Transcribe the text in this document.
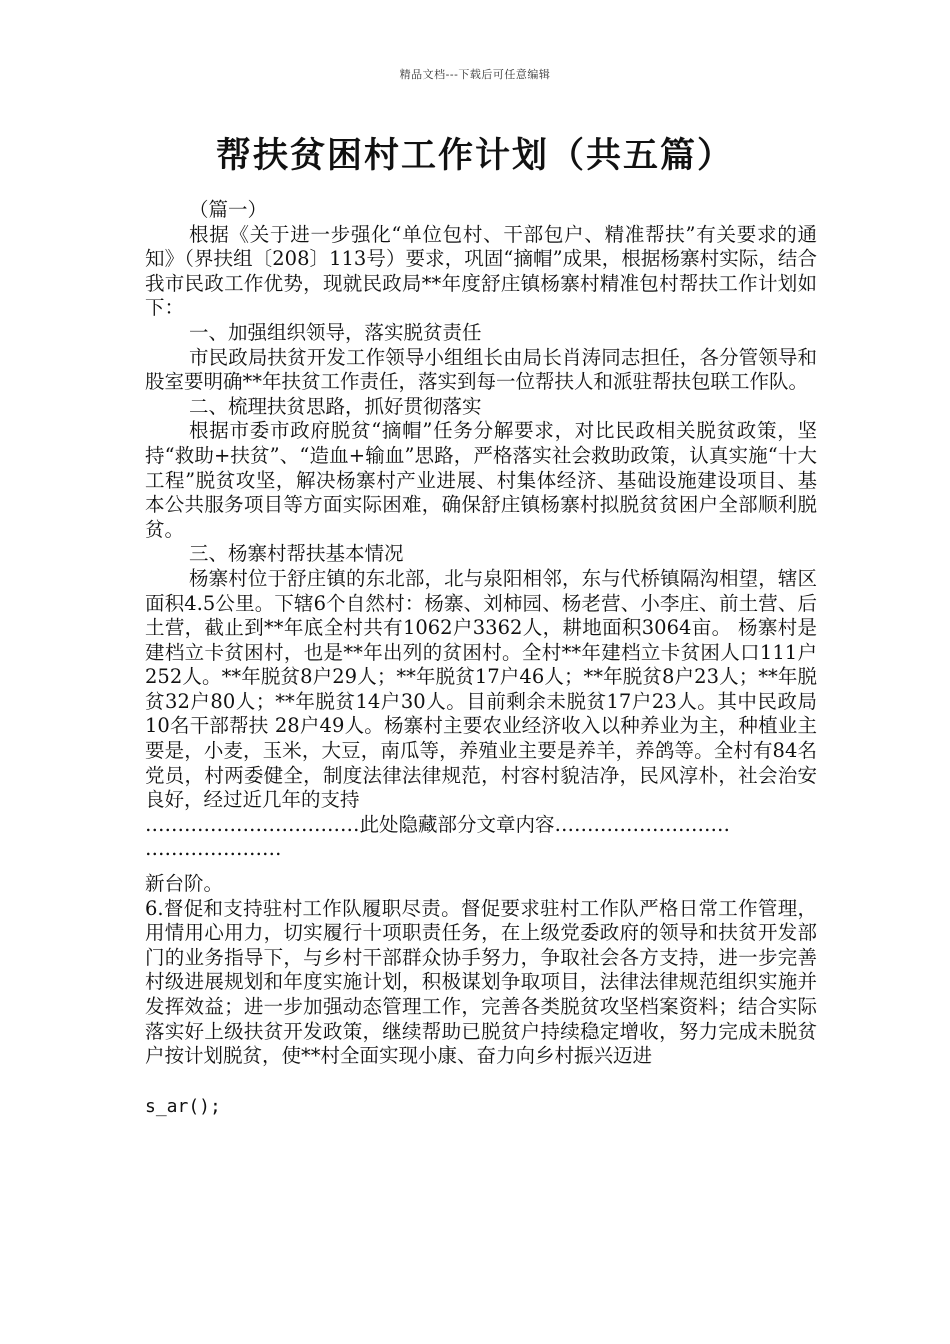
精品文档---下载后可任意编辑
帮扶贫困村工作计划（共五篇）

（篇一）

根据《关于进一步强化“单位包村、干部包户、精准帮扶”有关要求的通知》（界扶组〔208〕113号）要求，巩固“摘帽”成果，根据杨寨村实际，结合我市民政工作优势，现就民政局**年度舒庄镇杨寨村精准包村帮扶工作计划如下：

一、加强组织领导，落实脱贫责任

市民政局扶贫开发工作领导小组组长由局长肖涛同志担任，各分管领导和股室要明确**年扶贫工作责任，落实到每一位帮扶人和派驻帮扶包联工作队。

二、梳理扶贫思路，抓好贯彻落实

根据市委市政府脱贫“摘帽”任务分解要求，对比民政相关脱贫政策，坚持“救助+扶贫”、“造血+输血”思路，严格落实社会救助政策，认真实施“十大工程”脱贫攻坚，解决杨寨村产业进展、村集体经济、基础设施建设项目、基本公共服务项目等方面实际困难，确保舒庄镇杨寨村拟脱贫贫困户全部顺利脱贫。

三、杨寨村帮扶基本情况

杨寨村位于舒庄镇的东北部，北与泉阳相邻，东与代桥镇隔沟相望，辖区面积4.5公里。下辖6个自然村：杨寨、刘柿园、杨老营、小李庄、前土营、后土营，截止到**年底全村共有1062户3362人，耕地面积3064亩。 杨寨村是建档立卡贫困村，也是**年出列的贫困村。全村**年建档立卡贫困人口111户252人。**年脱贫8户29人；**年脱贫17户46人；**年脱贫8户23人；**年脱贫32户80人；**年脱贫14户30人。目前剩余未脱贫17户23人。其中民政局10名干部帮扶 28户49人。杨寨村主要农业经济收入以种养业为主，种植业主要是，小麦，玉米，大豆，南瓜等，养殖业主要是养羊，养鸽等。全村有84名党员，村两委健全，制度法律法律规范，村容村貌洁净，民风淳朴，社会治安良好，经过近几年的支持

……………………………此处隐藏部分文章内容………………………

…………………

新台阶。

6.督促和支持驻村工作队履职尽责。督促要求驻村工作队严格日常工作管理，用情用心用力，切实履行十项职责任务，在上级党委政府的领导和扶贫开发部门的业务指导下，与乡村干部群众协手努力，争取社会各方支持，进一步完善村级进展规划和年度实施计划，积极谋划争取项目，法律法律规范组织实施并发挥效益；进一步加强动态管理工作，完善各类脱贫攻坚档案资料；结合实际落实好上级扶贫开发政策，继续帮助已脱贫户持续稳定增收，努力完成未脱贫户按计划脱贫，使**村全面实现小康、奋力向乡村振兴迈进

s_ar();
